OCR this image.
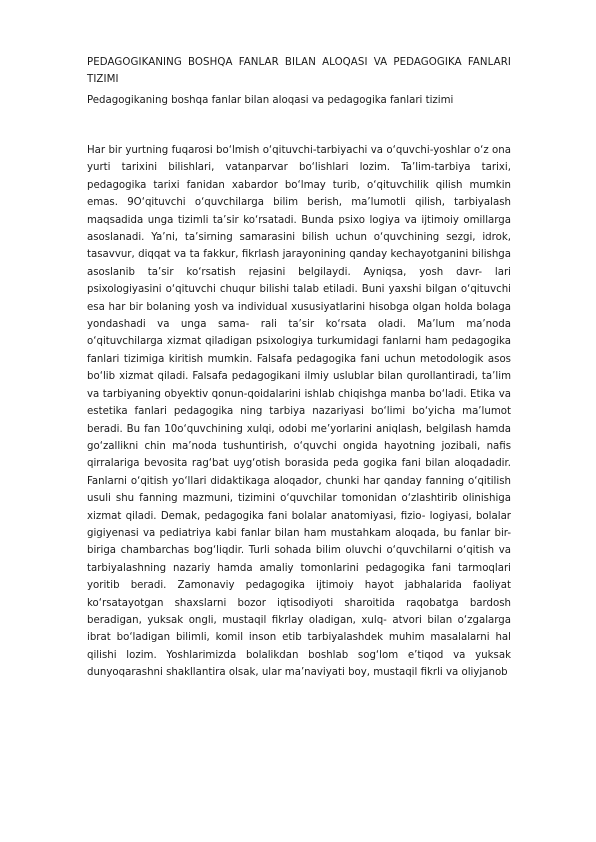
PEDAGOGIKANING BOSHQA FANLAR BILAN ALOQASI VA PEDAGOGIKA FANLARI TIZIMI

Pedagogikaning boshqa fanlar bilan aloqasi va pedagogika fanlari tizimi

Har bir yurtning fuqarosi bo‘lmish o‘qituvchi-tarbiyachi va o‘quvchi-yoshlar o‘z ona yurti tarixini bilishlari, vatanparvar bo‘lishlari lozim. Ta’lim-tarbiya tarixi, pedagogika tarixi fanidan xabardor bo‘lmay turib, o‘qituvchilik qilish mumkin emas. 9O‘qituvchi o‘quvchilarga bilim berish, ma’lumotli qilish, tarbiyalash maqsadida unga tizimli ta’sir ko‘rsatadi. Bunda psixo logiya va ijtimoiy omillarga asoslanadi. Ya’ni, ta’sirning samarasini bilish uchun o‘quvchining sezgi, idrok, tasavvur, diqqat va ta fakkur, fikrlash jarayonining qanday kechayotganini bilishga asoslanib ta’sir ko‘rsatish rejasini belgilaydi. Ayniqsa, yosh davr- lari psixologiyasini o‘qituvchi chuqur bilishi talab etiladi. Buni yaxshi bilgan o‘qituvchi esa har bir bolaning yosh va individual xususiyatlarini hisobga olgan holda bolaga yondashadi va unga sama- rali ta’sir ko‘rsata oladi. Ma’lum ma’noda o‘qituvchilarga xizmat qiladigan psixologiya turkumidagi fanlarni ham pedagogika fanlari tizimiga kiritish mumkin. Falsafa pedagogika fani uchun metodologik asos bo‘lib xizmat qiladi. Falsafa pedagogikani ilmiy uslublar bilan qurollantiradi, ta’lim va tarbiyaning obyektiv qonun-qoidalarini ishlab chiqishga manba bo‘ladi. Etika va estetika fanlari pedagogika ning tarbiya nazariyasi bo‘limi bo‘yicha ma’lumot beradi. Bu fan 10o‘quvchining xulqi, odobi me’yorlarini aniqlash, belgilash hamda go‘zallikni chin ma’noda tushuntirish, o‘quvchi ongida hayotning jozibali, nafis qirralariga bevosita rag‘bat uyg‘otish borasida peda gogika fani bilan aloqadadir. Fanlarni o‘qitish yo‘llari didaktikaga aloqador, chunki har qanday fanning o‘qitilish usuli shu fanning mazmuni, tizimini o‘quvchilar tomonidan o‘zlashtirib olinishiga xizmat qiladi. Demak, pedagogika fani bolalar anatomiyasi, fizio- logiyasi, bolalar gigiyenasi va pediatriya kabi fanlar bilan ham mustahkam aloqada, bu fanlar bir-biriga chambarchas bog‘liqdir. Turli sohada bilim oluvchi o‘quvchilarni o‘qitish va tarbiyalashning nazariy hamda amaliy tomonlarini pedagogika fani tarmoqlari yoritib beradi. Zamonaviy pedagogika ijtimoiy hayot jabhalarida faoliyat ko‘rsatayotgan shaxslarni bozor iqtisodiyoti sharoitida raqobatga bardosh beradigan, yuksak ongli, mustaqil fikrlay oladigan, xulq- atvori bilan o‘zgalarga ibrat bo‘ladigan bilimli, komil inson etib tarbiyalashdek muhim masalalarni hal qilishi lozim. Yoshlarimizda bolalikdan boshlab sog‘lom e’tiqod va yuksak dunyoqarashni shakllantira olsak, ular ma’naviyati boy, mustaqil fikrli va oliyjanob
